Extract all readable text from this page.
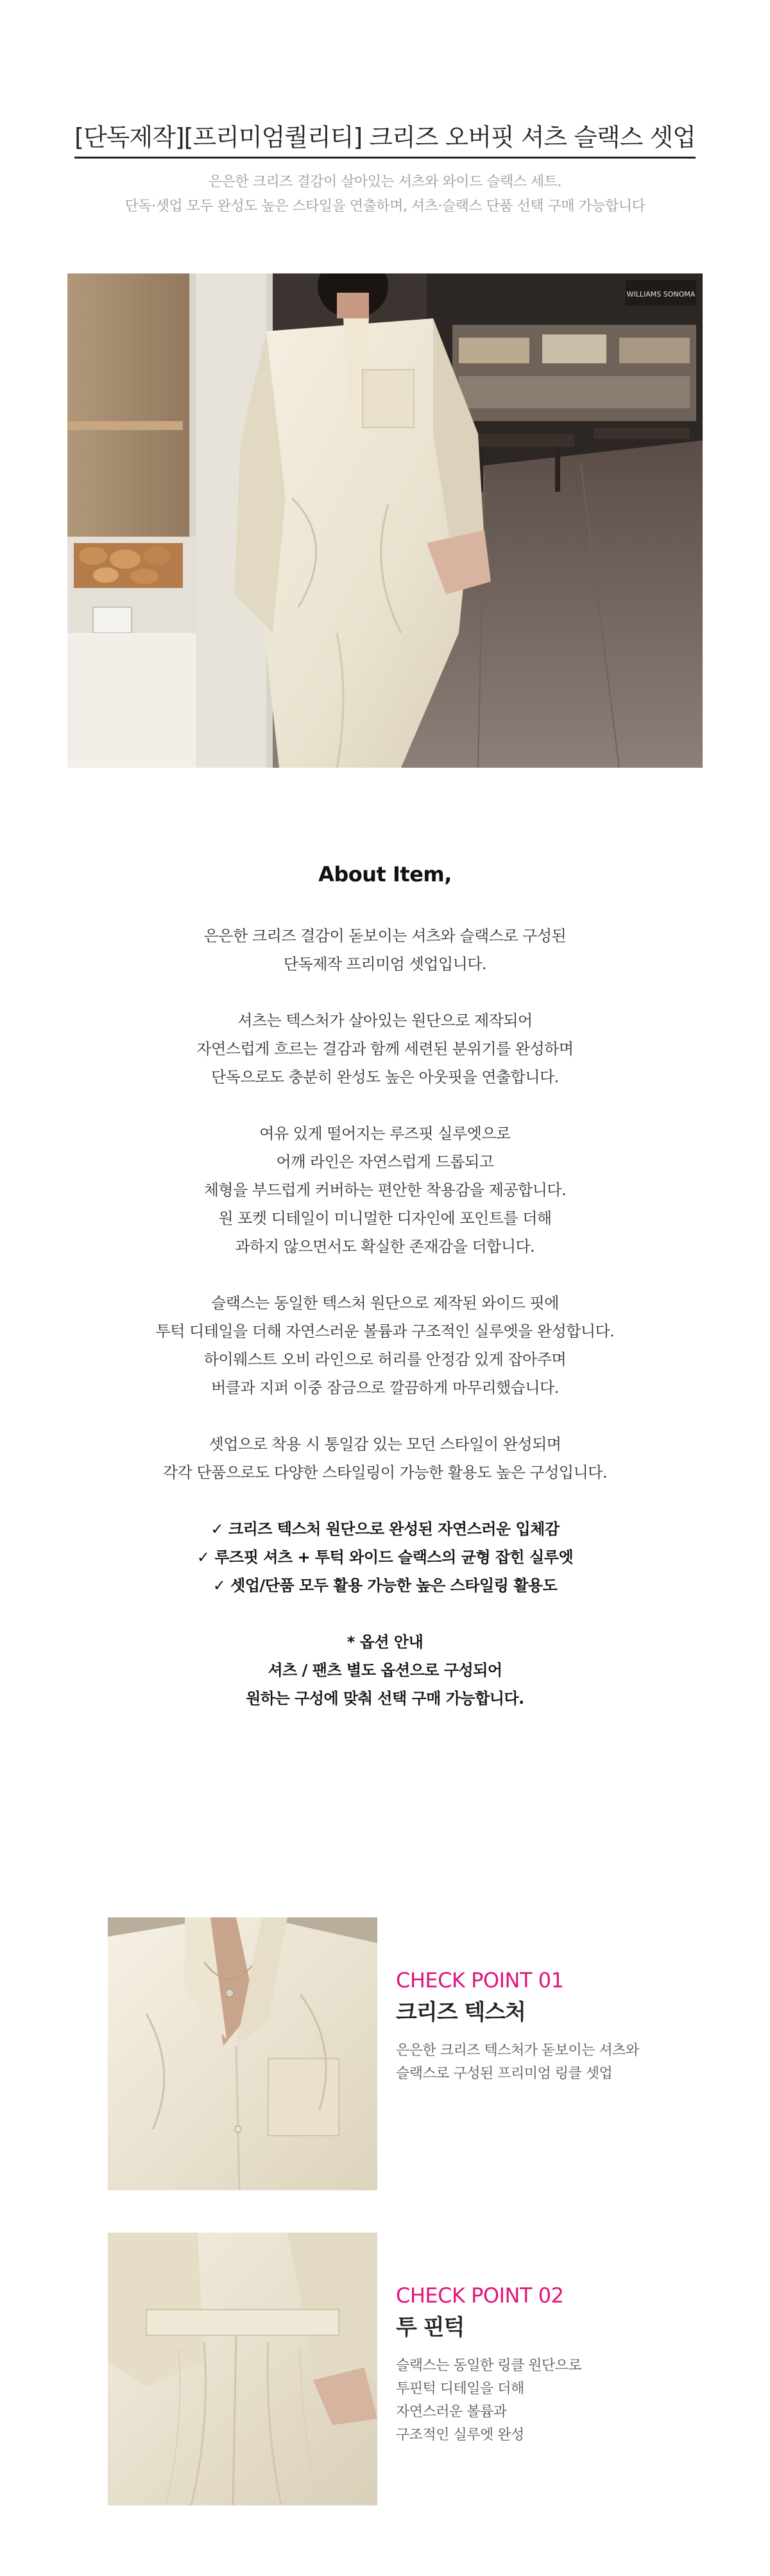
[단독제작][프리미엄퀄리티] 크리즈 오버핏 셔츠 슬랙스 셋업
은은한 크리즈 결감이 살아있는 셔츠와 와이드 슬랙스 세트.
단독·셋업 모두 완성도 높은 스타일을 연출하며, 셔츠·슬랙스 단품 선택 구매 가능합니다
WILLIAMS SONOMA
About Item,
은은한 크리즈 결감이 돋보이는 셔츠와 슬랙스로 구성된
단독제작 프리미엄 셋업입니다.
셔츠는 텍스처가 살아있는 원단으로 제작되어
자연스럽게 흐르는 결감과 함께 세련된 분위기를 완성하며
단독으로도 충분히 완성도 높은 아웃핏을 연출합니다.
여유 있게 떨어지는 루즈핏 실루엣으로
어깨 라인은 자연스럽게 드롭되고
체형을 부드럽게 커버하는 편안한 착용감을 제공합니다.
원 포켓 디테일이 미니멀한 디자인에 포인트를 더해
과하지 않으면서도 확실한 존재감을 더합니다.
슬랙스는 동일한 텍스처 원단으로 제작된 와이드 핏에
투턱 디테일을 더해 자연스러운 볼륨과 구조적인 실루엣을 완성합니다.
하이웨스트 오비 라인으로 허리를 안정감 있게 잡아주며
버클과 지퍼 이중 잠금으로 깔끔하게 마무리했습니다.
셋업으로 착용 시 통일감 있는 모던 스타일이 완성되며
각각 단품으로도 다양한 스타일링이 가능한 활용도 높은 구성입니다.
✓ 크리즈 텍스처 원단으로 완성된 자연스러운 입체감
✓ 루즈핏 셔츠 + 투턱 와이드 슬랙스의 균형 잡힌 실루엣
✓ 셋업/단품 모두 활용 가능한 높은 스타일링 활용도
* 옵션 안내
셔츠 / 팬츠 별도 옵션으로 구성되어
원하는 구성에 맞춰 선택 구매 가능합니다.
CHECK POINT 01
크리즈 텍스처
은은한 크리즈 텍스처가 돋보이는 셔츠와
슬랙스로 구성된 프리미엄 링클 셋업
CHECK POINT 02
투 핀턱
슬랙스는 동일한 링클 원단으로
투핀턱 디테일을 더해
자연스러운 볼륨과
구조적인 실루엣 완성
